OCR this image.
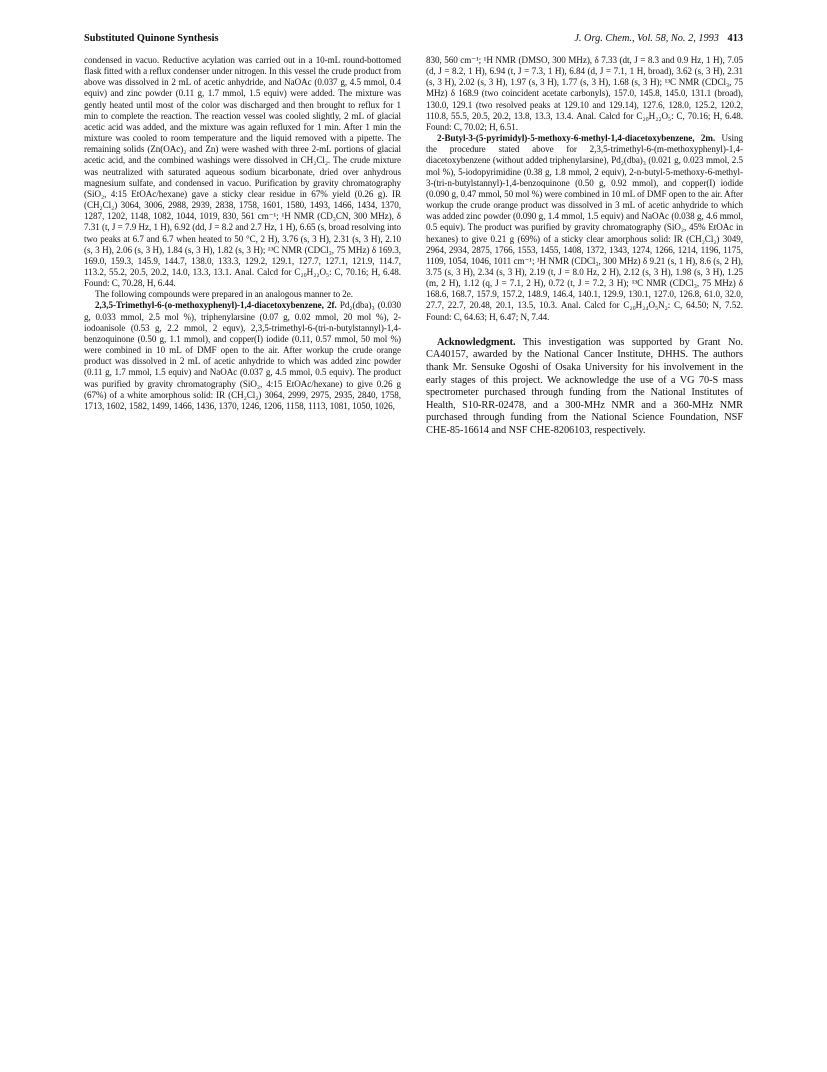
Substituted Quinone Synthesis	J. Org. Chem., Vol. 58, No. 2, 1993 413

condensed in vacuo. Reductive acylation was carried out in a 10-mL round-bottomed flask fitted with a reflux condenser under nitrogen. In this vessel the crude product from above was dissolved in 2 mL of acetic anhydride, and NaOAc (0.037 g, 4.5 mmol, 0.4 equiv) and zinc powder (0.11 g, 1.7 mmol, 1.5 equiv) were added. The mixture was gently heated until most of the color was discharged and then brought to reflux for 1 min to complete the reaction. The reaction vessel was cooled slightly, 2 mL of glacial acetic acid was added, and the mixture was again refluxed for 1 min. After 1 min the mixture was cooled to room temperature and the liquid removed with a pipette. The remaining solids (Zn(OAc)₂ and Zn) were washed with three 2-mL portions of glacial acetic acid, and the combined washings were dissolved in CH₂Cl₂. The crude mixture was neutralized with saturated aqueous sodium bicarbonate, dried over anhydrous magnesium sulfate, and condensed in vacuo. Purification by gravity chromatography (SiO₂, 4:15 EtOAc/hexane) gave a sticky clear residue in 67% yield (0.26 g). IR (CH₂Cl₂) 3064, 3006, 2988, 2939, 2838, 1758, 1601, 1580, 1493, 1466, 1434, 1370, 1287, 1202, 1148, 1082, 1044, 1019, 830, 561 cm⁻¹; ¹H NMR (CD₃CN, 300 MHz), δ 7.31 (t, J = 7.9 Hz, 1 H), 6.92 (dd, J = 8.2 and 2.7 Hz, 1 H), 6.65 (s, broad resolving into two peaks at 6.7 and 6.7 when heated to 50 °C, 2 H), 3.76 (s, 3 H), 2.31 (s, 3 H), 2.10 (s, 3 H), 2.06 (s, 3 H), 1.84 (s, 3 H), 1.82 (s, 3 H); ¹³C NMR (CDCl₃, 75 MHz) δ 169.3, 169.0, 159.3, 145.9, 144.7, 138.0, 133.3, 129.2, 129.1, 127.7, 127.1, 121.9, 114.7, 113.2, 55.2, 20.5, 20.2, 14.0, 13.3, 13.1. Anal. Calcd for C₂₀H₂₂O₅: C, 70.16; H, 6.48. Found: C, 70.28, H, 6.44.

The following compounds were prepared in an analogous manner to 2e.

2,3,5-Trimethyl-6-(o-methoxyphenyl)-1,4-diacetoxybenzene, 2f. Pd₂(dba)₃ (0.030 g, 0.033 mmol, 2.5 mol %), triphenylarsine (0.07 g, 0.02 mmol, 20 mol %), 2-iodoanisole (0.53 g, 2.2 mmol, 2 equv), 2,3,5-trimethyl-6-(tri-n-butylstannyl)-1,4-benzoquinone (0.50 g, 1.1 mmol), and copper(I) iodide (0.11, 0.57 mmol, 50 mol %) were combined in 10 mL of DMF open to the air. After workup the crude orange product was dissolved in 2 mL of acetic anhydride to which was added zinc powder (0.11 g, 1.7 mmol, 1.5 equiv) and NaOAc (0.037 g, 4.5 mmol, 0.5 equiv). The product was purified by gravity chromatography (SiO₂, 4:15 EtOAc/hexane) to give 0.26 g (67%) of a white amorphous solid: IR (CH₂Cl₂) 3064, 2999, 2975, 2935, 2840, 1758, 1713, 1602, 1582, 1499, 1466, 1436, 1370, 1246, 1206, 1158, 1113, 1081, 1050, 1026,

830, 560 cm⁻¹; ¹H NMR (DMSO, 300 MHz), δ 7.33 (dt, J = 8.3 and 0.9 Hz, 1 H), 7.05 (d, J = 8.2, 1 H), 6.94 (t, J = 7.3, 1 H), 6.84 (d, J = 7.1, 1 H, broad), 3.62 (s, 3 H), 2.31 (s, 3 H), 2.02 (s, 3 H), 1.97 (s, 3 H), 1.77 (s, 3 H), 1.68 (s, 3 H); ¹³C NMR (CDCl₃, 75 MHz) δ 168.9 (two coincident acetate carbonyls), 157.0, 145.8, 145.0, 131.1 (broad), 130.0, 129.1 (two resolved peaks at 129.10 and 129.14), 127.6, 128.0, 125.2, 120.2, 110.8, 55.5, 20.5, 20.2, 13.8, 13.3, 13.4. Anal. Calcd for C₂₀H₂₂O₅: C, 70.16; H, 6.48. Found: C, 70.02; H, 6.51.

2-Butyl-3-(5-pyrimidyl)-5-methoxy-6-methyl-1,4-diacetoxybenzene, 2m. Using the procedure stated above for 2,3,5-trimethyl-6-(m-methoxyphenyl)-1,4-diacetoxybenzene (without added triphenylarsine), Pd₂(dba)₃ (0.021 g, 0.023 mmol, 2.5 mol %), 5-iodopyrimidine (0.38 g, 1.8 mmol, 2 equiv), 2-n-butyl-5-methoxy-6-methyl-3-(tri-n-butylstannyl)-1,4-benzoquinone (0.50 g, 0.92 mmol), and copper(I) iodide (0.090 g, 0.47 mmol, 50 mol %) were combined in 10 mL of DMF open to the air. After workup the crude orange product was dissolved in 3 mL of acetic anhydride to which was added zinc powder (0.090 g, 1.4 mmol, 1.5 equiv) and NaOAc (0.038 g, 4.6 mmol, 0.5 equiv). The product was purified by gravity chromatography (SiO₂, 45% EtOAc in hexanes) to give 0.21 g (69%) of a sticky clear amorphous solid: IR (CH₂Cl₂) 3049, 2964, 2934, 2875, 1766, 1553, 1455, 1408, 1372, 1343, 1274, 1266, 1214, 1196, 1175, 1109, 1054, 1046, 1011 cm⁻¹; ¹H NMR (CDCl₃, 300 MHz) δ 9.21 (s, 1 H), 8.6 (s, 2 H), 3.75 (s, 3 H), 2.34 (s, 3 H), 2.19 (t, J = 8.0 Hz, 2 H), 2.12 (s, 3 H), 1.98 (s, 3 H), 1.25 (m, 2 H), 1.12 (q, J = 7.1, 2 H), 0.72 (t, J = 7.2, 3 H); ¹³C NMR (CDCl₃, 75 MHz) δ 168.6, 168.7, 157.9, 157.2, 148.9, 146.4, 140.1, 129.9, 130.1, 127.0, 126.8, 61.0, 32.0, 27.7, 22.7, 20.48, 20.1, 13.5, 10.3. Anal. Calcd for C₂₀H₂₄O₅N₂: C, 64.50; N, 7.52. Found: C, 64.63; H, 6.47; N, 7.44.

Acknowledgment. This investigation was supported by Grant No. CA40157, awarded by the National Cancer Institute, DHHS. The authors thank Mr. Sensuke Ogoshi of Osaka University for his involvement in the early stages of this project. We acknowledge the use of a VG 70-S mass spectrometer purchased through funding from the National Institutes of Health, S10-RR-02478, and a 300-MHz NMR and a 360-MHz NMR purchased through funding from the National Science Foundation, NSF CHE-85-16614 and NSF CHE-8206103, respectively.
